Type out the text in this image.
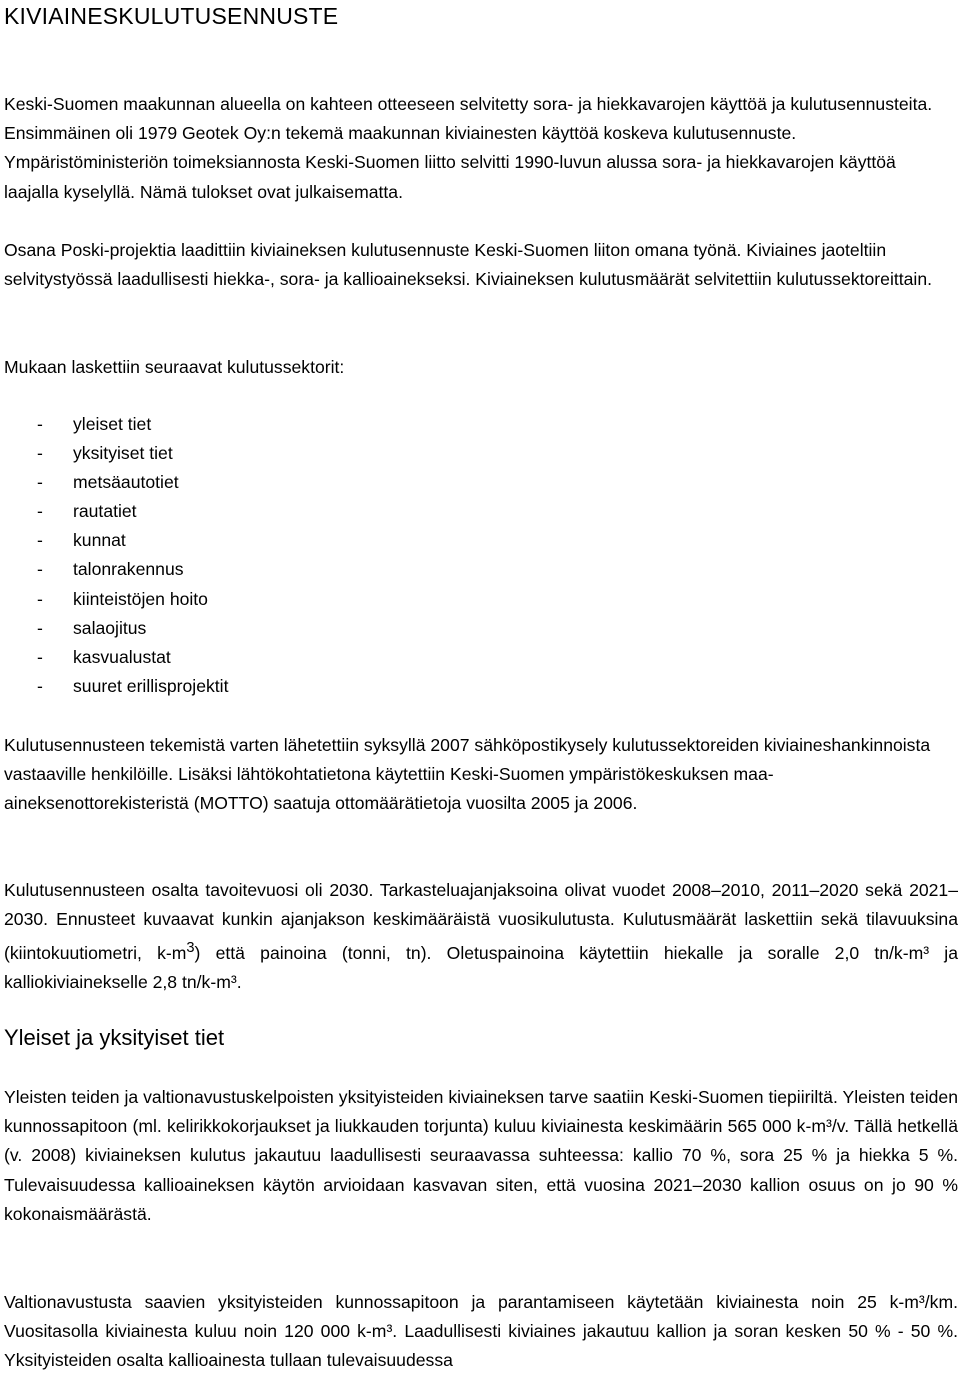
KIVIAINESKULUTUSENNUSTE

Keski-Suomen maakunnan alueella on kahteen otteeseen selvitetty sora- ja hiekkavarojen käyttöä ja kulutusennusteita. Ensimmäinen oli 1979 Geotek Oy:n tekemä maakunnan kiviainesten käyttöä koskeva kulutusennuste. Ympäristöministeriön toimeksiannosta Keski-Suomen liitto selvitti 1990-luvun alussa sora- ja hiekkavarojen käyttöä laajalla kyselyllä. Nämä tulokset ovat julkaisematta.

Osana Poski-projektia laadittiin kiviaineksen kulutusennuste Keski-Suomen liiton omana työnä. Kiviaines jaoteltiin selvitystyössä laadullisesti hiekka-, sora- ja kallioainekseksi. Kiviaineksen kulutusmäärät selvitettiin kulutussektoreittain.

Mukaan laskettiin seuraavat kulutussektorit:

-	yleiset tiet
-	yksityiset tiet
-	metsäautotiet
-	rautatiet
-	kunnat
-	talonrakennus
-	kiinteistöjen hoito
-	salaojitus
-	kasvualustat
-	suuret erillisprojektit

Kulutusennusteen tekemistä varten lähetettiin syksyllä 2007 sähköpostikysely kulutussektoreiden kiviaineshankinnoista vastaaville henkilöille. Lisäksi lähtökohtatietona käytettiin Keski-Suomen ympäristökeskuksen maa-aineksenottorekisteristä (MOTTO) saatuja ottomäärätietoja vuosilta 2005 ja 2006.

Kulutusennusteen osalta tavoitevuosi oli 2030. Tarkasteluajanjaksoina olivat vuodet 2008–2010, 2011–2020 sekä 2021–2030. Ennusteet kuvaavat kunkin ajanjakson keskimääräistä vuosikulutusta. Kulutusmäärät laskettiin sekä tilavuuksina (kiintokuutiometri, $k-m^3$) että painoina (tonni, tn). Oletuspainoina käytettiin hiekalle ja soralle 2,0 tn/k-m³ ja kalliokiviainekselle 2,8 tn/k-m³.

Yleiset ja yksityiset tiet

Yleisten teiden ja valtionavustuskelpoisten yksityisteiden kiviaineksen tarve saatiin Keski-Suomen tiepiiriltä. Yleisten teiden kunnossapitoon (ml. kelirikkokorjaukset ja liukkauden torjunta) kuluu kiviainesta keskimäärin 565 000 k-m³/v. Tällä hetkellä (v. 2008) kiviaineksen kulutus jakautuu laadullisesti seuraavassa suhteessa: kallio 70 %, sora 25 % ja hiekka 5 %. Tulevaisuudessa kallioaineksen käytön arvioidaan kasvavan siten, että vuosina 2021–2030 kallion osuus on jo 90 % kokonaismäärästä.

Valtionavustusta saavien yksityisteiden kunnossapitoon ja parantamiseen käytetään kiviainesta noin 25 k-m³/km. Vuositasolla kiviainesta kuluu noin 120 000 k-m³. Laadullisesti kiviaines jakautuu kallion ja soran kesken 50 % - 50 %. Yksityisteiden osalta kallioainesta tullaan tulevaisuudessa
